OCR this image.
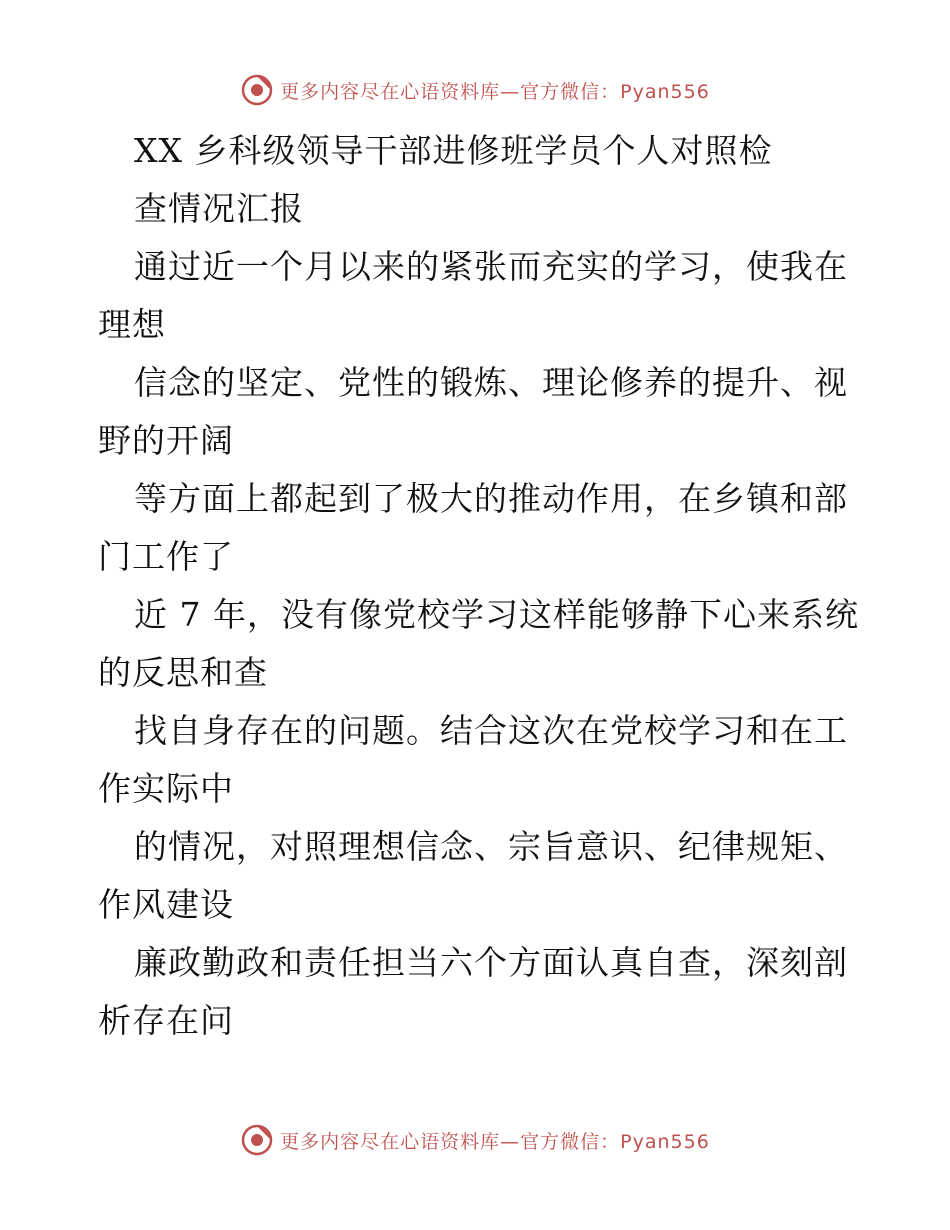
更多内容尽在心语资料库—官方微信：Pyan556
XX 乡科级领导干部进修班学员个人对照检
查情况汇报
通过近一个月以来的紧张而充实的学习，使我在
理想
信念的坚定、党性的锻炼、理论修养的提升、视
野的开阔
等方面上都起到了极大的推动作用，在乡镇和部
门工作了
近 7 年，没有像党校学习这样能够静下心来系统
的反思和查
找自身存在的问题。结合这次在党校学习和在工
作实际中
的情况，对照理想信念、宗旨意识、纪律规矩、
作风建设
廉政勤政和责任担当六个方面认真自查，深刻剖
析存在问
更多内容尽在心语资料库—官方微信：Pyan556
